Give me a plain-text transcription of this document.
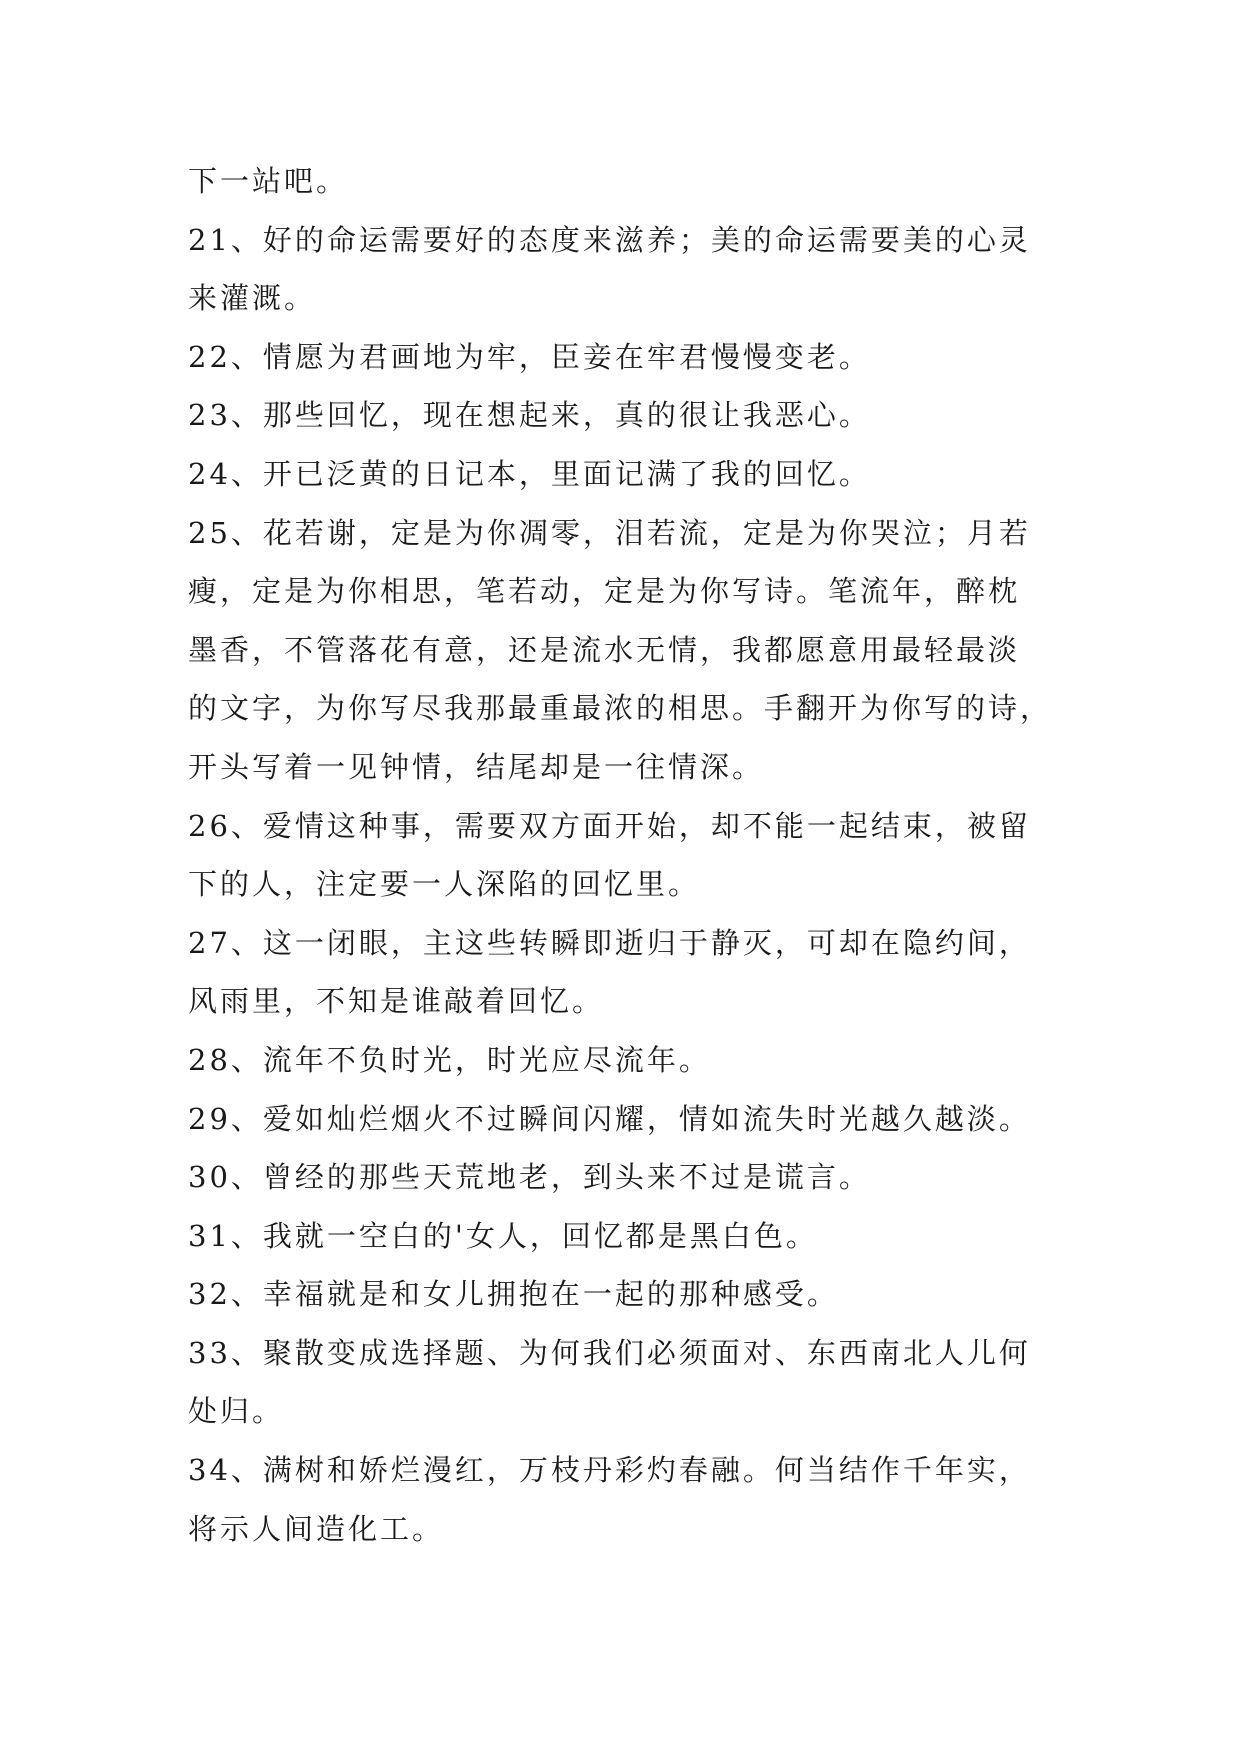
下一站吧。
21、好的命运需要好的态度来滋养；美的命运需要美的心灵
来灌溉。
22、情愿为君画地为牢，臣妾在牢君慢慢变老。
23、那些回忆，现在想起来，真的很让我恶心。
24、开已泛黄的日记本，里面记满了我的回忆。
25、花若谢，定是为你凋零，泪若流，定是为你哭泣；月若
瘦，定是为你相思，笔若动，定是为你写诗。笔流年，醉枕
墨香，不管落花有意，还是流水无情，我都愿意用最轻最淡
的文字，为你写尽我那最重最浓的相思。手翻开为你写的诗，
开头写着一见钟情，结尾却是一往情深。
26、爱情这种事，需要双方面开始，却不能一起结束，被留
下的人，注定要一人深陷的回忆里。
27、这一闭眼，主这些转瞬即逝归于静灭，可却在隐约间，
风雨里，不知是谁敲着回忆。
28、流年不负时光，时光应尽流年。
29、爱如灿烂烟火不过瞬间闪耀，情如流失时光越久越淡。
30、曾经的那些天荒地老，到头来不过是谎言。
31、我就一空白的'女人，回忆都是黑白色。
32、幸福就是和女儿拥抱在一起的那种感受。
33、聚散变成选择题、为何我们必须面对、东西南北人儿何
处归。
34、满树和娇烂漫红，万枝丹彩灼春融。何当结作千年实，
将示人间造化工。
